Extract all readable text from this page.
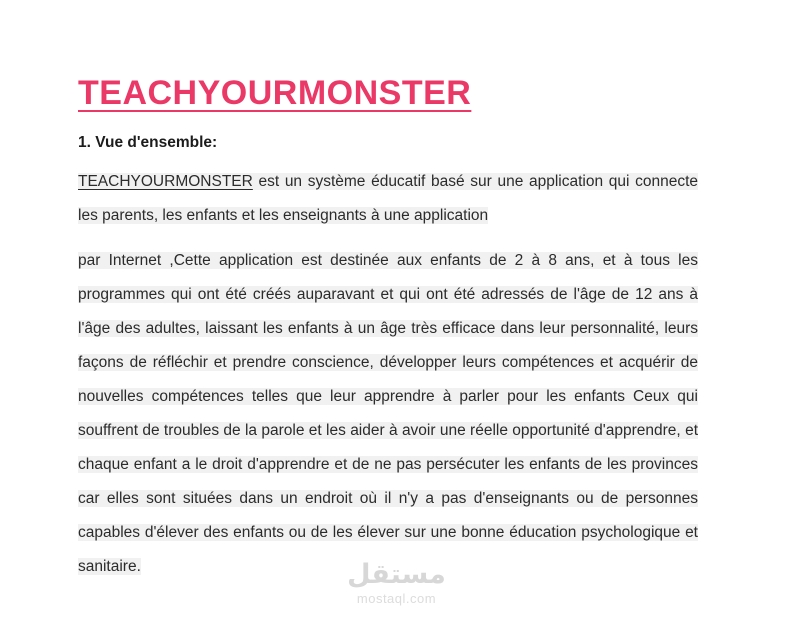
TEACHYOURMONSTER
1. Vue d'ensemble:

TEACHYOURMONSTER est un système éducatif basé sur une application qui connecte les parents, les enfants et les enseignants à une application

par Internet ,Cette application est destinée aux enfants de 2 à 8 ans, et à tous les programmes qui ont été créés auparavant et qui ont été adressés de l'âge de 12 ans à l'âge des adultes, laissant les enfants à un âge très efficace dans leur personnalité, leurs façons de réfléchir et prendre conscience, développer leurs compétences et acquérir de nouvelles compétences telles que leur apprendre à parler pour les enfants Ceux qui souffrent de troubles de la parole et les aider à avoir une réelle opportunité d'apprendre, et chaque enfant a le droit d'apprendre et de ne pas persécuter les enfants de les provinces car elles sont situées dans un endroit où il n'y a pas d'enseignants ou de personnes capables d'élever des enfants ou de les élever sur une bonne éducation psychologique et sanitaire.	مستقل
mostaql.com
